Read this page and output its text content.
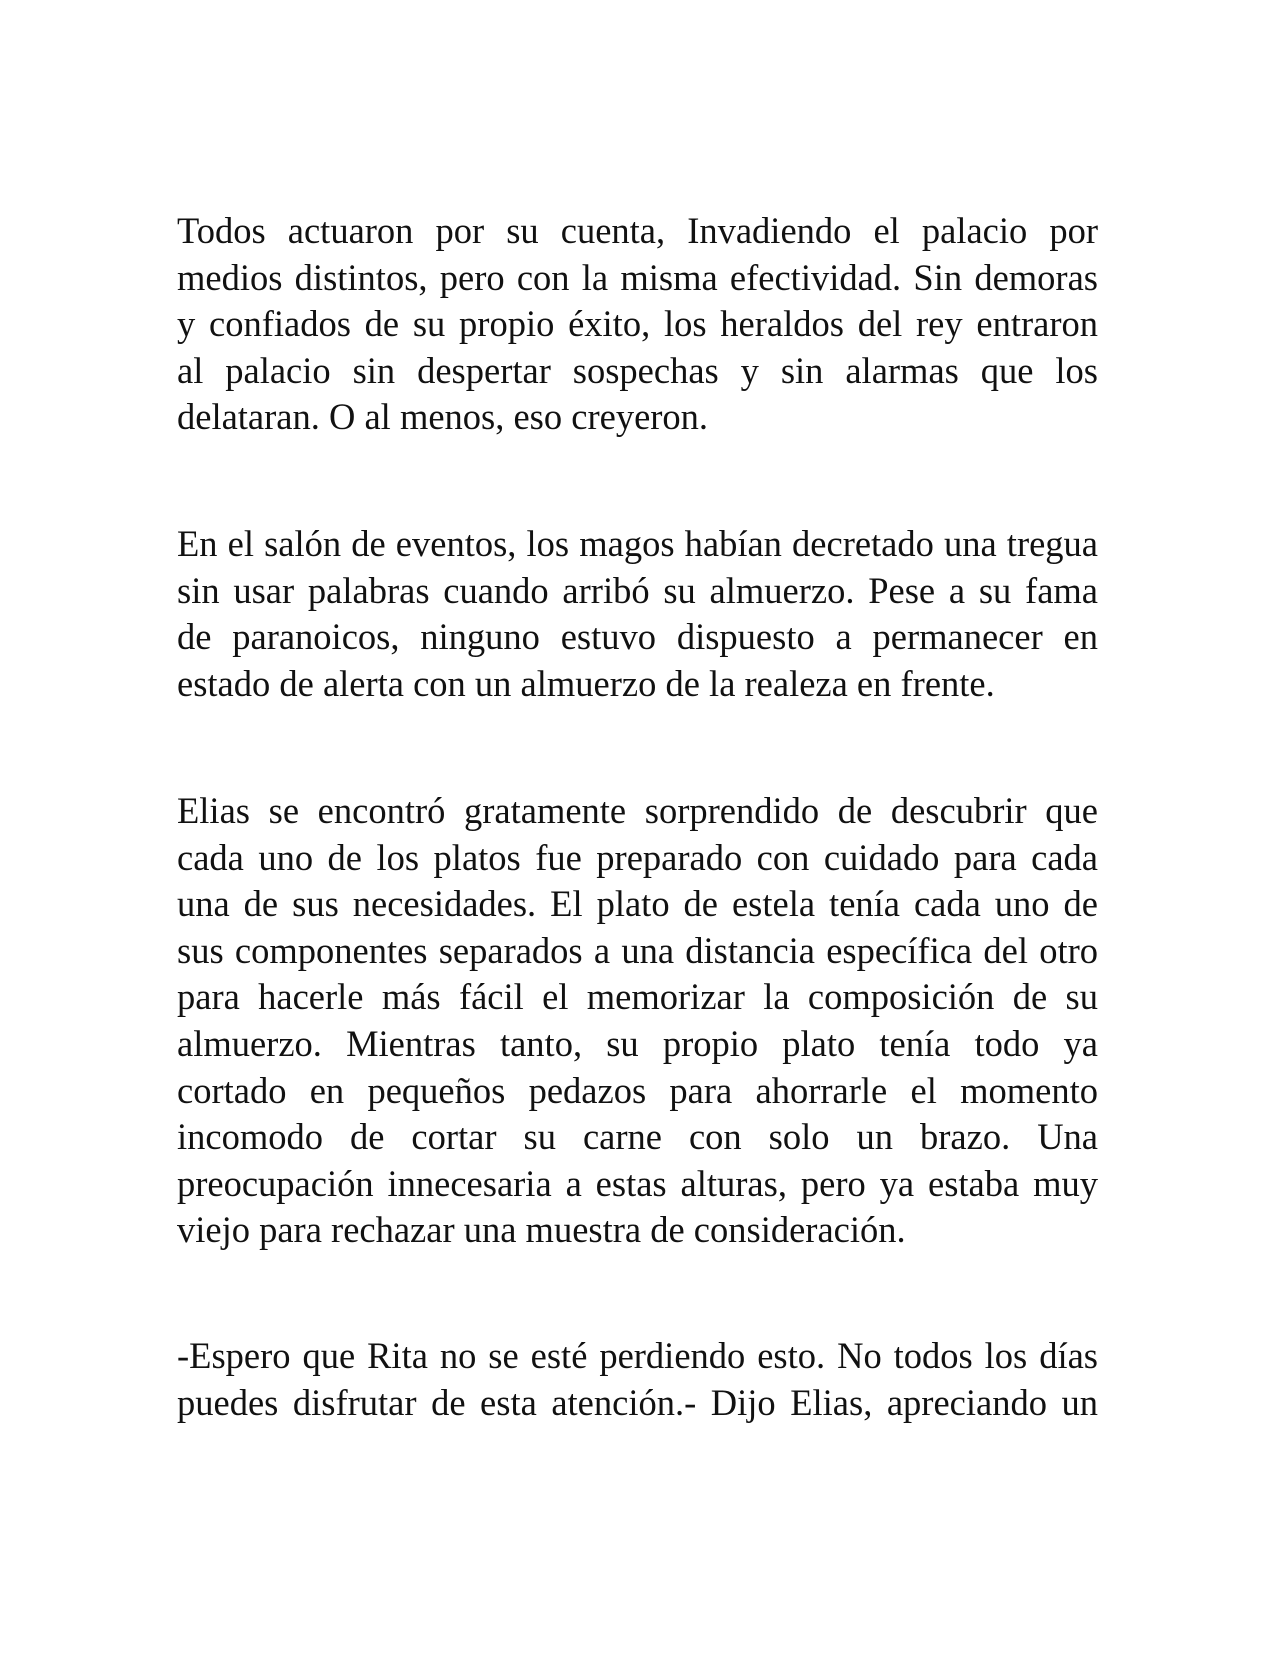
Todos actuaron por su cuenta, Invadiendo el palacio por
medios distintos, pero con la misma efectividad. Sin demoras
y confiados de su propio éxito, los heraldos del rey entraron
al palacio sin despertar sospechas y sin alarmas que los
delataran. O al menos, eso creyeron.

En el salón de eventos, los magos habían decretado una tregua
sin usar palabras cuando arribó su almuerzo. Pese a su fama
de paranoicos, ninguno estuvo dispuesto a permanecer en
estado de alerta con un almuerzo de la realeza en frente.

Elias se encontró gratamente sorprendido de descubrir que
cada uno de los platos fue preparado con cuidado para cada
una de sus necesidades. El plato de estela tenía cada uno de
sus componentes separados a una distancia específica del otro
para hacerle más fácil el memorizar la composición de su
almuerzo. Mientras tanto, su propio plato tenía todo ya
cortado en pequeños pedazos para ahorrarle el momento
incomodo de cortar su carne con solo un brazo. Una
preocupación innecesaria a estas alturas, pero ya estaba muy
viejo para rechazar una muestra de consideración.

-Espero que Rita no se esté perdiendo esto. No todos los días
puedes disfrutar de esta atención.- Dijo Elias, apreciando un
